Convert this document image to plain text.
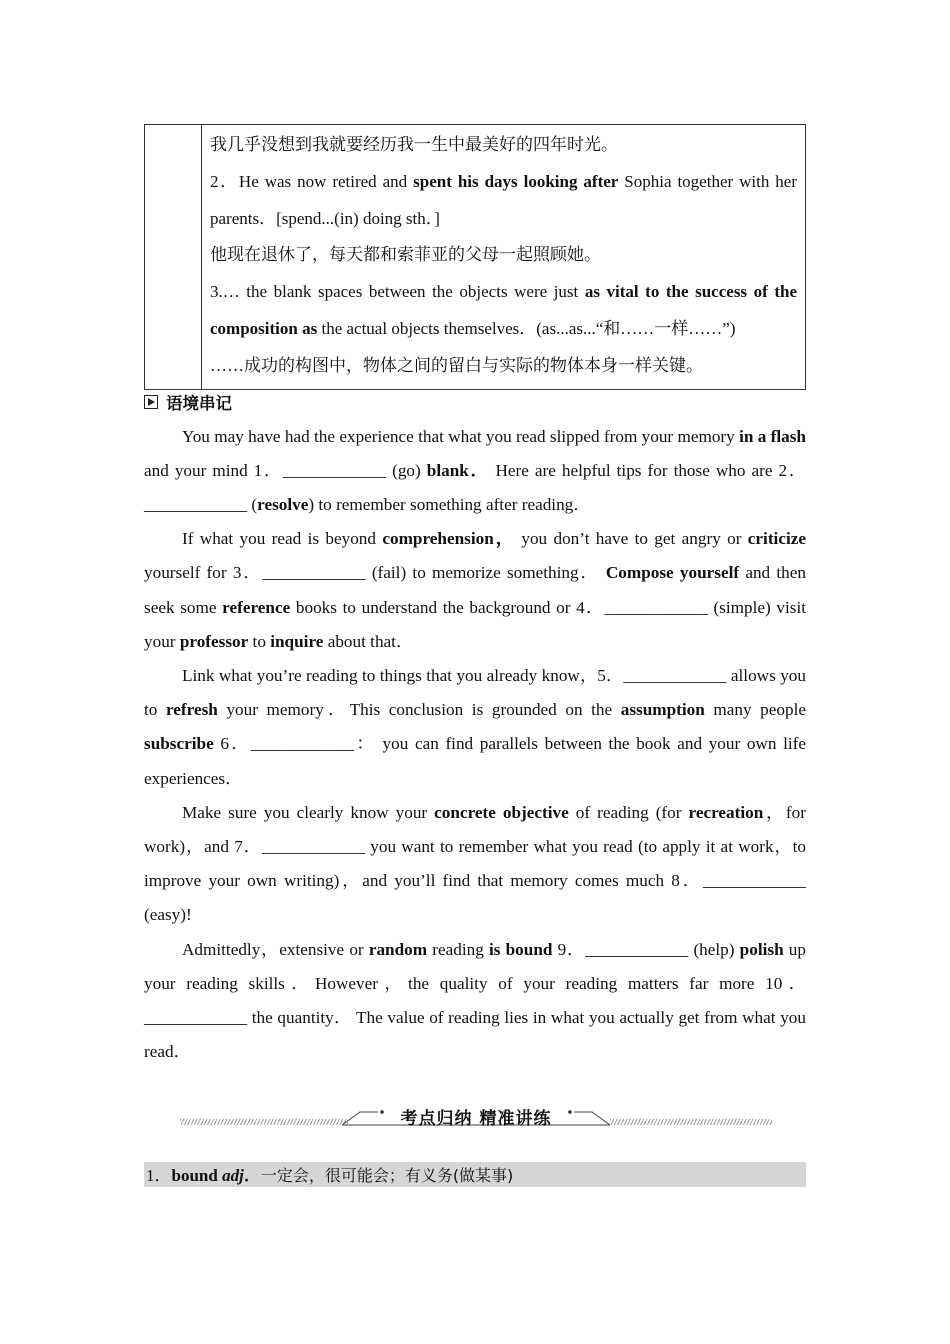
我几乎没想到我就要经历我一生中最美好的四年时光。

2．He was now retired and spent his days looking after Sophia together with her parents．[spend...(in) doing sth．]

他现在退休了，每天都和索菲亚的父母一起照顾她。

3.… the blank spaces between the objects were just as vital to the success of the composition as the actual objects themselves．(as...as...“和……一样……”)

……成功的构图中，物体之间的留白与实际的物体本身一样关键。

语境串记

You may have had the experience that what you read slipped from your memory in a flash and your mind 1．____________ (go) blank． Here are helpful tips for those who are 2．____________ (resolve) to remember something after reading．

If what you read is beyond comprehension， you don’t have to get angry or criticize yourself for 3．____________ (fail) to memorize something． Compose yourself and then seek some reference books to understand the background or 4．____________ (simple) visit your professor to inquire about that．

Link what you’re reading to things that you already know，5．____________ allows you to refresh your memory．This conclusion is grounded on the assumption many people subscribe 6．____________： you can find parallels between the book and your own life experiences．

Make sure you clearly know your concrete objective of reading (for recreation，for work)，and 7．____________ you want to remember what you read (to apply it at work，to improve your own writing)，and you’ll find that memory comes much 8．____________ (easy)!

Admittedly，extensive or random reading is bound 9．____________ (help) polish up your reading skills．However，the quality of your reading matters far more 10．____________ the quantity． The value of reading lies in what you actually get from what you read．

考点归纳 精准讲练
1．bound adj．一定会，很可能会；有义务(做某事)
